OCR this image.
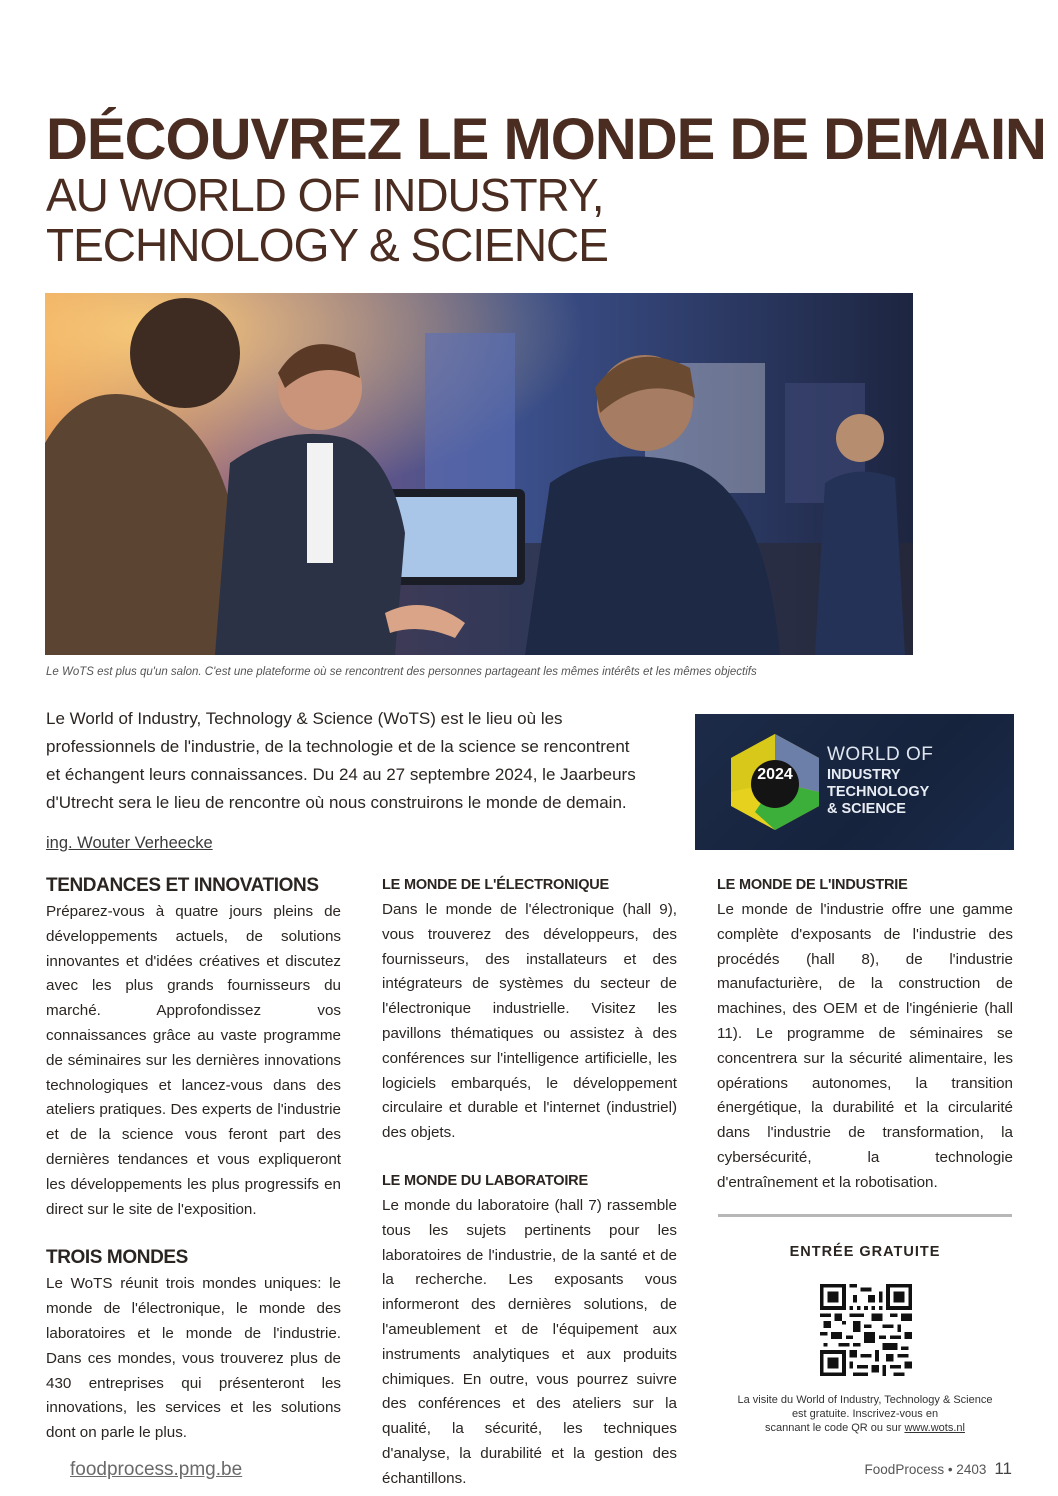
DÉCOUVREZ LE MONDE DE DEMAIN
AU WORLD OF INDUSTRY,
TECHNOLOGY & SCIENCE
Le WoTS est plus qu'un salon. C'est une plateforme où se rencontrent des personnes partageant les mêmes intérêts et les mêmes objectifs
Le World of Industry, Technology & Science (WoTS) est le lieu où les professionnels de l'industrie, de la technologie et de la science se rencontrent et échangent leurs connaissances. Du 24 au 27 septembre 2024, le Jaarbeurs d'Utrecht sera le lieu de rencontre où nous construirons le monde de demain.
ing. Wouter Verheecke
2024
WORLD OF
INDUSTRY
TECHNOLOGY
& SCIENCE
TENDANCES ET INNOVATIONS
Préparez-vous à quatre jours pleins de développements actuels, de solutions innovantes et d'idées créatives et discutez avec les plus grands fournisseurs du marché. Approfondissez vos connaissances grâce au vaste programme de séminaires sur les dernières innovations technologiques et lancez-vous dans des ateliers pratiques. Des experts de l'industrie et de la science vous feront part des dernières tendances et vous expliqueront les développements les plus progressifs en direct sur le site de l'exposition.
TROIS MONDES
Le WoTS réunit trois mondes uniques: le monde de l'électronique, le monde des laboratoires et le monde de l'industrie. Dans ces mondes, vous trouverez plus de 430 entreprises qui présenteront les innovations, les services et les solutions dont on parle le plus.
LE MONDE DE L'ÉLECTRONIQUE
Dans le monde de l'électronique (hall 9), vous trouverez des développeurs, des fournisseurs, des installateurs et des intégrateurs de systèmes du secteur de l'électronique industrielle. Visitez les pavillons thématiques ou assistez à des conférences sur l'intelligence artificielle, les logiciels embarqués, le développement circulaire et durable et l'internet (industriel) des objets.
LE MONDE DU LABORATOIRE
Le monde du laboratoire (hall 7) rassemble tous les sujets pertinents pour les laboratoires de l'industrie, de la santé et de la recherche. Les exposants vous informeront des dernières solutions, de l'ameublement et de l'équipement aux instruments analytiques et aux produits chimiques. En outre, vous pourrez suivre des conférences et des ateliers sur la qualité, la sécurité, les techniques d'analyse, la durabilité et la gestion des échantillons.
LE MONDE DE L'INDUSTRIE
Le monde de l'industrie offre une gamme complète d'exposants de l'industrie des procédés (hall 8), de l'industrie manufacturière, de la construction de machines, des OEM et de l'ingénierie (hall 11). Le programme de séminaires se concentrera sur la sécurité alimentaire, les opérations autonomes, la transition énergétique, la durabilité et la circularité dans l'industrie de transformation, la cybersécurité, la technologie d'entraînement et la robotisation.
ENTRÉE GRATUITE
La visite du World of Industry, Technology & Science
est gratuite. Inscrivez-vous en
scannant le code QR ou sur www.wots.nl
foodprocess.pmg.be	FoodProcess • 2403 11
